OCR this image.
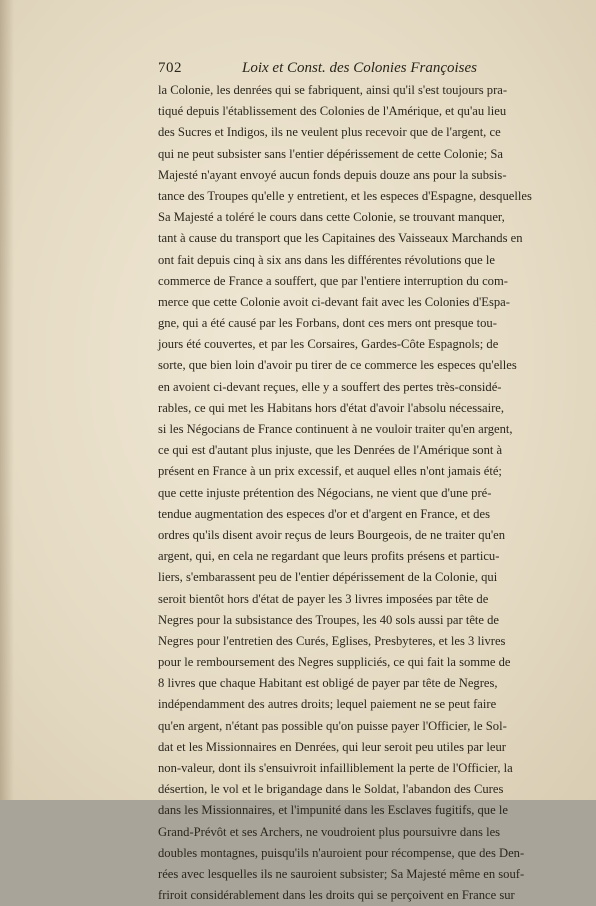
702	Loix et Const. des Colonies Françoises
la Colonie, les denrées qui se fabriquent, ainsi qu'il s'est toujours pra-
tiqué depuis l'établissement des Colonies de l'Amérique, et qu'au lieu
des Sucres et Indigos, ils ne veulent plus recevoir que de l'argent, ce
qui ne peut subsister sans l'entier dépérissement de cette Colonie; Sa
Majesté n'ayant envoyé aucun fonds depuis douze ans pour la subsis-
tance des Troupes qu'elle y entretient, et les especes d'Espagne, desquelles
Sa Majesté a toléré le cours dans cette Colonie, se trouvant manquer,
tant à cause du transport que les Capitaines des Vaisseaux Marchands en
ont fait depuis cinq à six ans dans les différentes révolutions que le
commerce de France a souffert, que par l'entiere interruption du com-
merce que cette Colonie avoit ci-devant fait avec les Colonies d'Espa-
gne, qui a été causé par les Forbans, dont ces mers ont presque tou-
jours été couvertes, et par les Corsaires, Gardes-Côte Espagnols; de
sorte, que bien loin d'avoir pu tirer de ce commerce les especes qu'elles
en avoient ci-devant reçues, elle y a souffert des pertes très-considé-
rables, ce qui met les Habitans hors d'état d'avoir l'absolu nécessaire,
si les Négocians de France continuent à ne vouloir traiter qu'en argent,
ce qui est d'autant plus injuste, que les Denrées de l'Amérique sont à
présent en France à un prix excessif, et auquel elles n'ont jamais été;
que cette injuste prétention des Négocians, ne vient que d'une pré-
tendue augmentation des especes d'or et d'argent en France, et des
ordres qu'ils disent avoir reçus de leurs Bourgeois, de ne traiter qu'en
argent, qui, en cela ne regardant que leurs profits présens et particu-
liers, s'embarassent peu de l'entier dépérissement de la Colonie, qui
seroit bientôt hors d'état de payer les 3 livres imposées par tête de
Negres pour la subsistance des Troupes, les 40 sols aussi par tête de
Negres pour l'entretien des Curés, Eglises, Presbyteres, et les 3 livres
pour le remboursement des Negres suppliciés, ce qui fait la somme de
8 livres que chaque Habitant est obligé de payer par tête de Negres,
indépendamment des autres droits; lequel paiement ne se peut faire
qu'en argent, n'étant pas possible qu'on puisse payer l'Officier, le Sol-
dat et les Missionnaires en Denrées, qui leur seroit peu utiles par leur
non-valeur, dont ils s'ensuivroit infailliblement la perte de l'Officier, la
désertion, le vol et le brigandage dans le Soldat, l'abandon des Cures
dans les Missionnaires, et l'impunité dans les Esclaves fugitifs, que le
Grand-Prévôt et ses Archers, ne voudroient plus poursuivre dans les
doubles montagnes, puisqu'ils n'auroient pour récompense, que des Den-
rées avec lesquelles ils ne sauroient subsister; Sa Majesté même en souf-
friroit considérablement dans les droits qui se perçoivent en France sur
